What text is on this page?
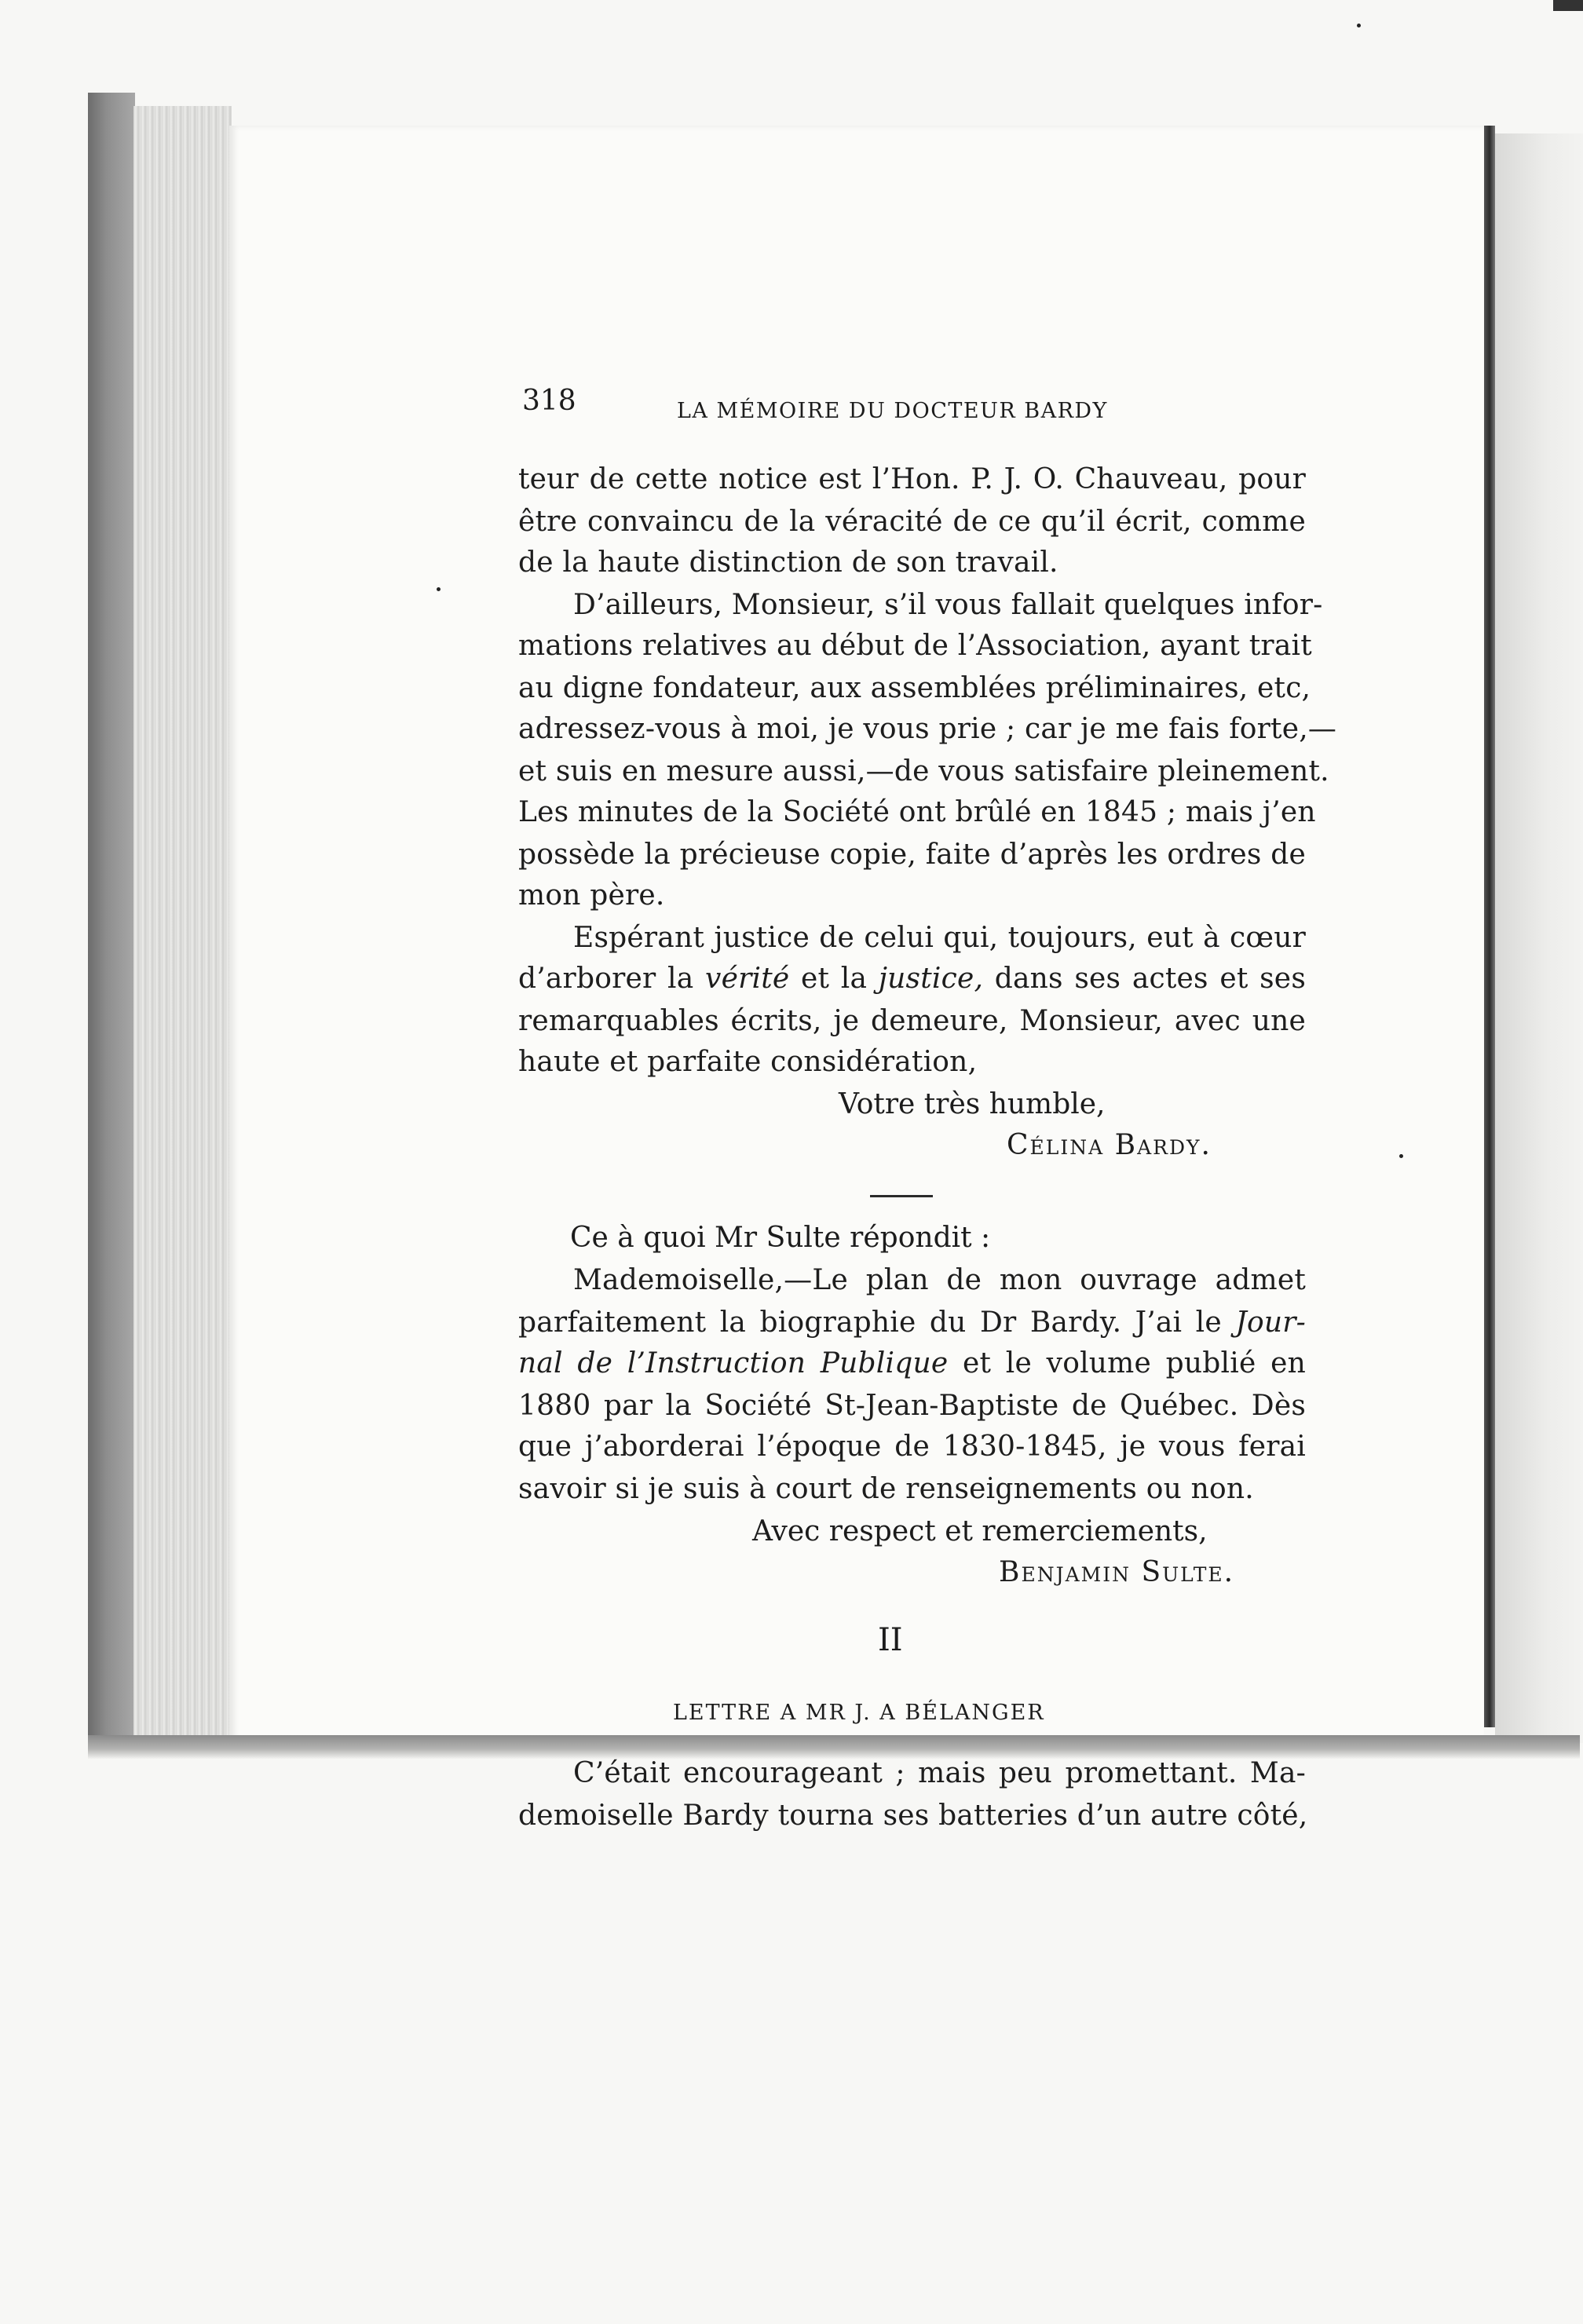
318	LA MÉMOIRE DU DOCTEUR BARDY
teur de cette notice est l’Hon. P. J. O. Chauveau, pour
être convaincu de la véracité de ce qu’il écrit, comme
de la haute distinction de son travail.
D’ailleurs, Monsieur, s’il vous fallait quelques infor-
mations relatives au début de l’Association, ayant trait
au digne fondateur, aux assemblées préliminaires, etc,
adressez-vous à moi, je vous prie ; car je me fais forte,—
et suis en mesure aussi,—de vous satisfaire pleinement.
Les minutes de la Société ont brûlé en 1845 ; mais j’en
possède la précieuse copie, faite d’après les ordres de
mon père.
Espérant justice de celui qui, toujours, eut à cœur
d’arborer la vérité et la justice, dans ses actes et ses
remarquables écrits, je demeure, Monsieur, avec une
haute et parfaite considération,
Votre très humble,
Célina Bardy.
Ce à quoi Mr Sulte répondit :
Mademoiselle,—Le plan de mon ouvrage admet
parfaitement la biographie du Dr Bardy. J’ai le Jour-
nal de l’Instruction Publique et le volume publié en
1880 par la Société St-Jean-Baptiste de Québec. Dès
que j’aborderai l’époque de 1830-1845, je vous ferai
savoir si je suis à court de renseignements ou non.
Avec respect et remerciements,
Benjamin Sulte.
II
LETTRE A MR J. A BÉLANGER
C’était encourageant ; mais peu promettant. Ma-
demoiselle Bardy tourna ses batteries d’un autre côté,
